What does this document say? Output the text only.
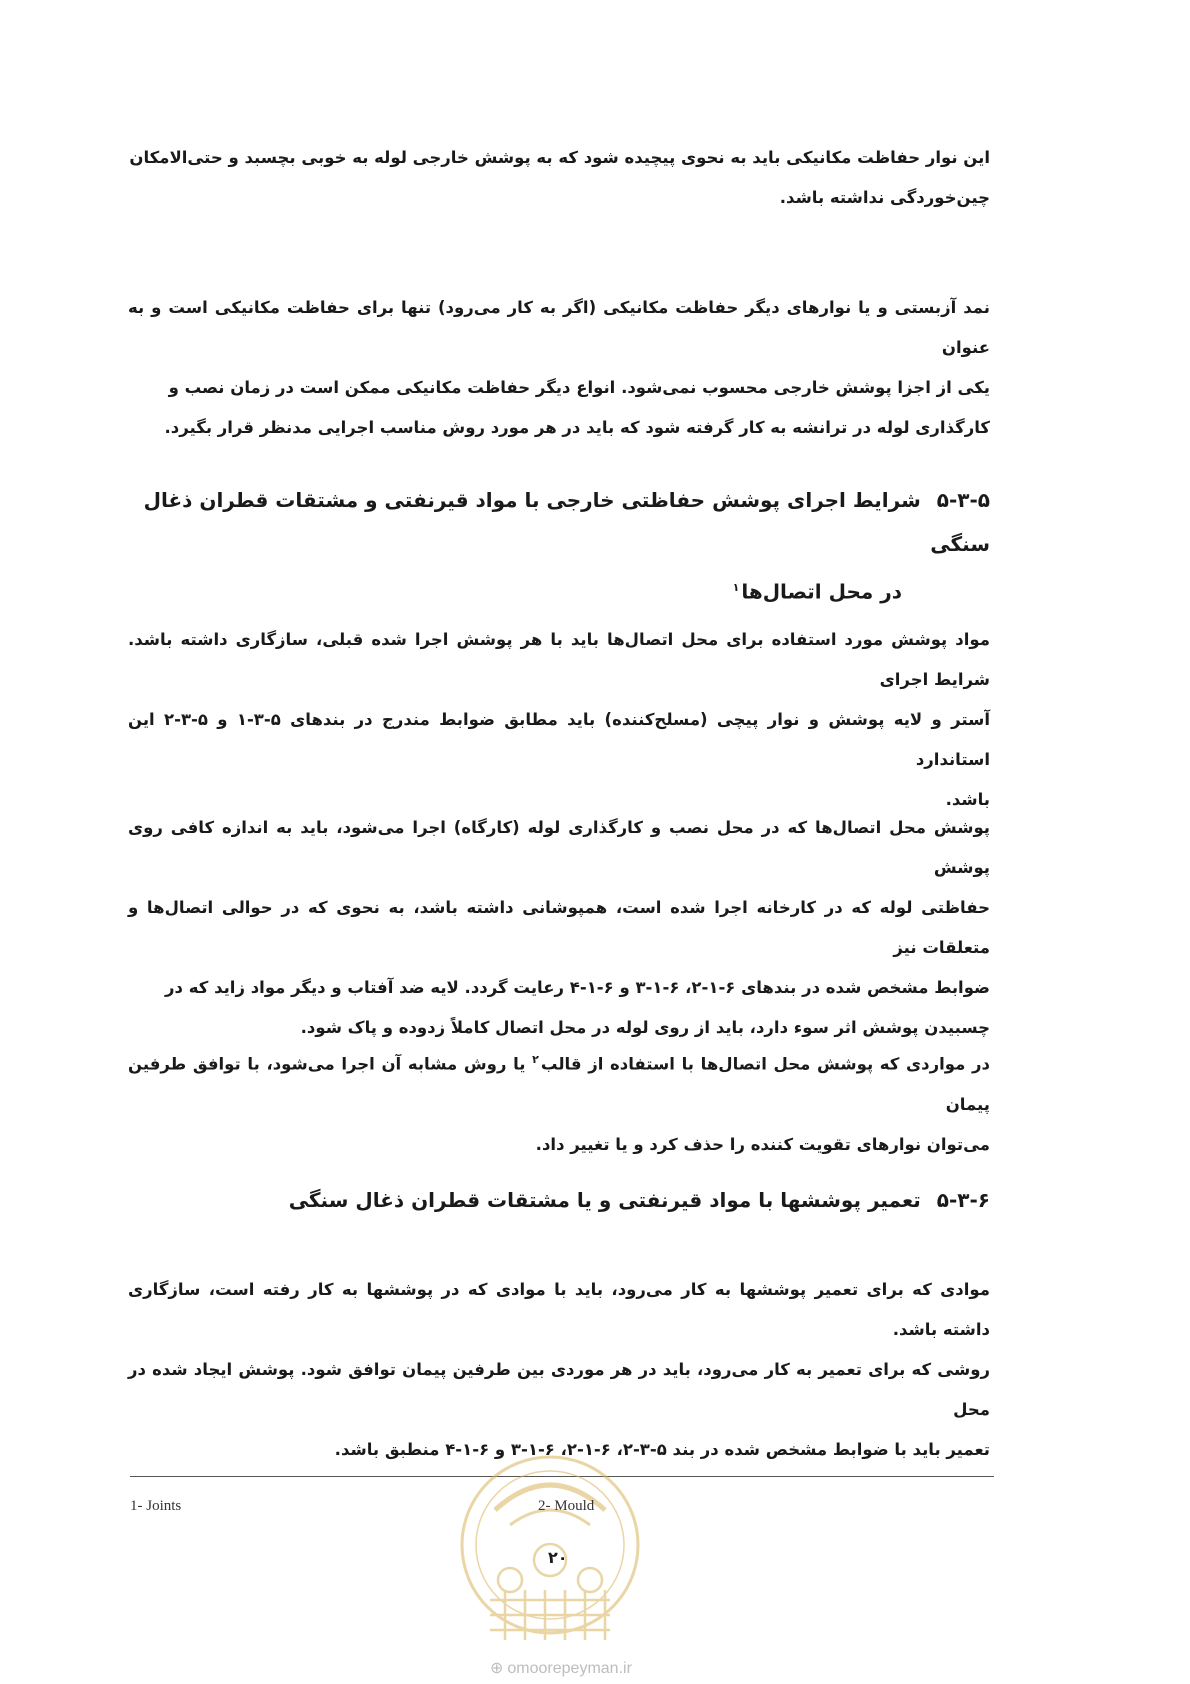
این نوار حفاظت مکانیکی باید به نحوی پیچیده شود که به پوشش خارجی لوله به خوبی بچسبد و حتی‌الامکان
چین‌خوردگی نداشته باشد.

نمد آزبستی و یا نوارهای دیگر حفاظت مکانیکی (اگر به کار می‌رود) تنها برای حفاظت مکانیکی است و به عنوان
یکی از اجزا پوشش خارجی محسوب نمی‌شود. انواع دیگر حفاظت مکانیکی ممکن است در زمان نصب و
کارگذاری لوله در ترانشه به کار گرفته شود که باید در هر مورد روش مناسب اجرایی مدنظر قرار بگیرد.

۵-۳-۵شرایط اجرای پوشش حفاظتی خارجی با مواد قیرنفتی و مشتقات قطران ذغال سنگی
در محل اتصال‌ها$^۱$

مواد پوشش مورد استفاده برای محل اتصال‌ها باید با هر پوشش اجرا شده قبلی، سازگاری داشته باشد. شرایط اجرای
آستر و لایه پوشش و نوار پیچی (مسلح‌کننده) باید مطابق ضوابط مندرج در بندهای ۵-۳-۱ و ۵-۳-۲ این استاندارد
باشد.

پوشش محل اتصال‌ها که در محل نصب و کارگذاری لوله (کارگاه) اجرا می‌شود، باید به اندازه کافی روی پوشش
حفاظتی لوله که در کارخانه اجرا شده است، همپوشانی داشته باشد، به نحوی که در حوالی اتصال‌ها و متعلقات نیز
ضوابط مشخص شده در بندهای ۶-۱-۲، ۶-۱-۳ و ۶-۱-۴ رعایت گردد. لایه ضد آفتاب و دیگر مواد زاید که در
چسبیدن پوشش اثر سوء دارد، باید از روی لوله در محل اتصال کاملاً زدوده و پاک شود.

در مواردی که پوشش محل اتصال‌ها با استفاده از قالب$^۲$ یا روش مشابه آن اجرا می‌شود، با توافق طرفین پیمان
می‌توان نوارهای تقویت کننده را حذف کرد و یا تغییر داد.

۵-۳-۶تعمیر پوششها با مواد قیرنفتی و یا مشتقات قطران ذغال سنگی

موادی که برای تعمیر پوششها به کار می‌رود، باید با موادی که در پوششها به کار رفته است، سازگاری داشته باشد.
روشی که برای تعمیر به کار می‌رود، باید در هر موردی بین طرفین پیمان توافق شود. پوشش ایجاد شده در محل
تعمیر باید با ضوابط مشخص شده در بند ۵-۳-۲، ۶-۱-۲، ۶-۱-۳ و ۶-۱-۴ منطبق باشد.

1- Joints	2- Mould
۲۰
⊕ omoorepeyman.ir
